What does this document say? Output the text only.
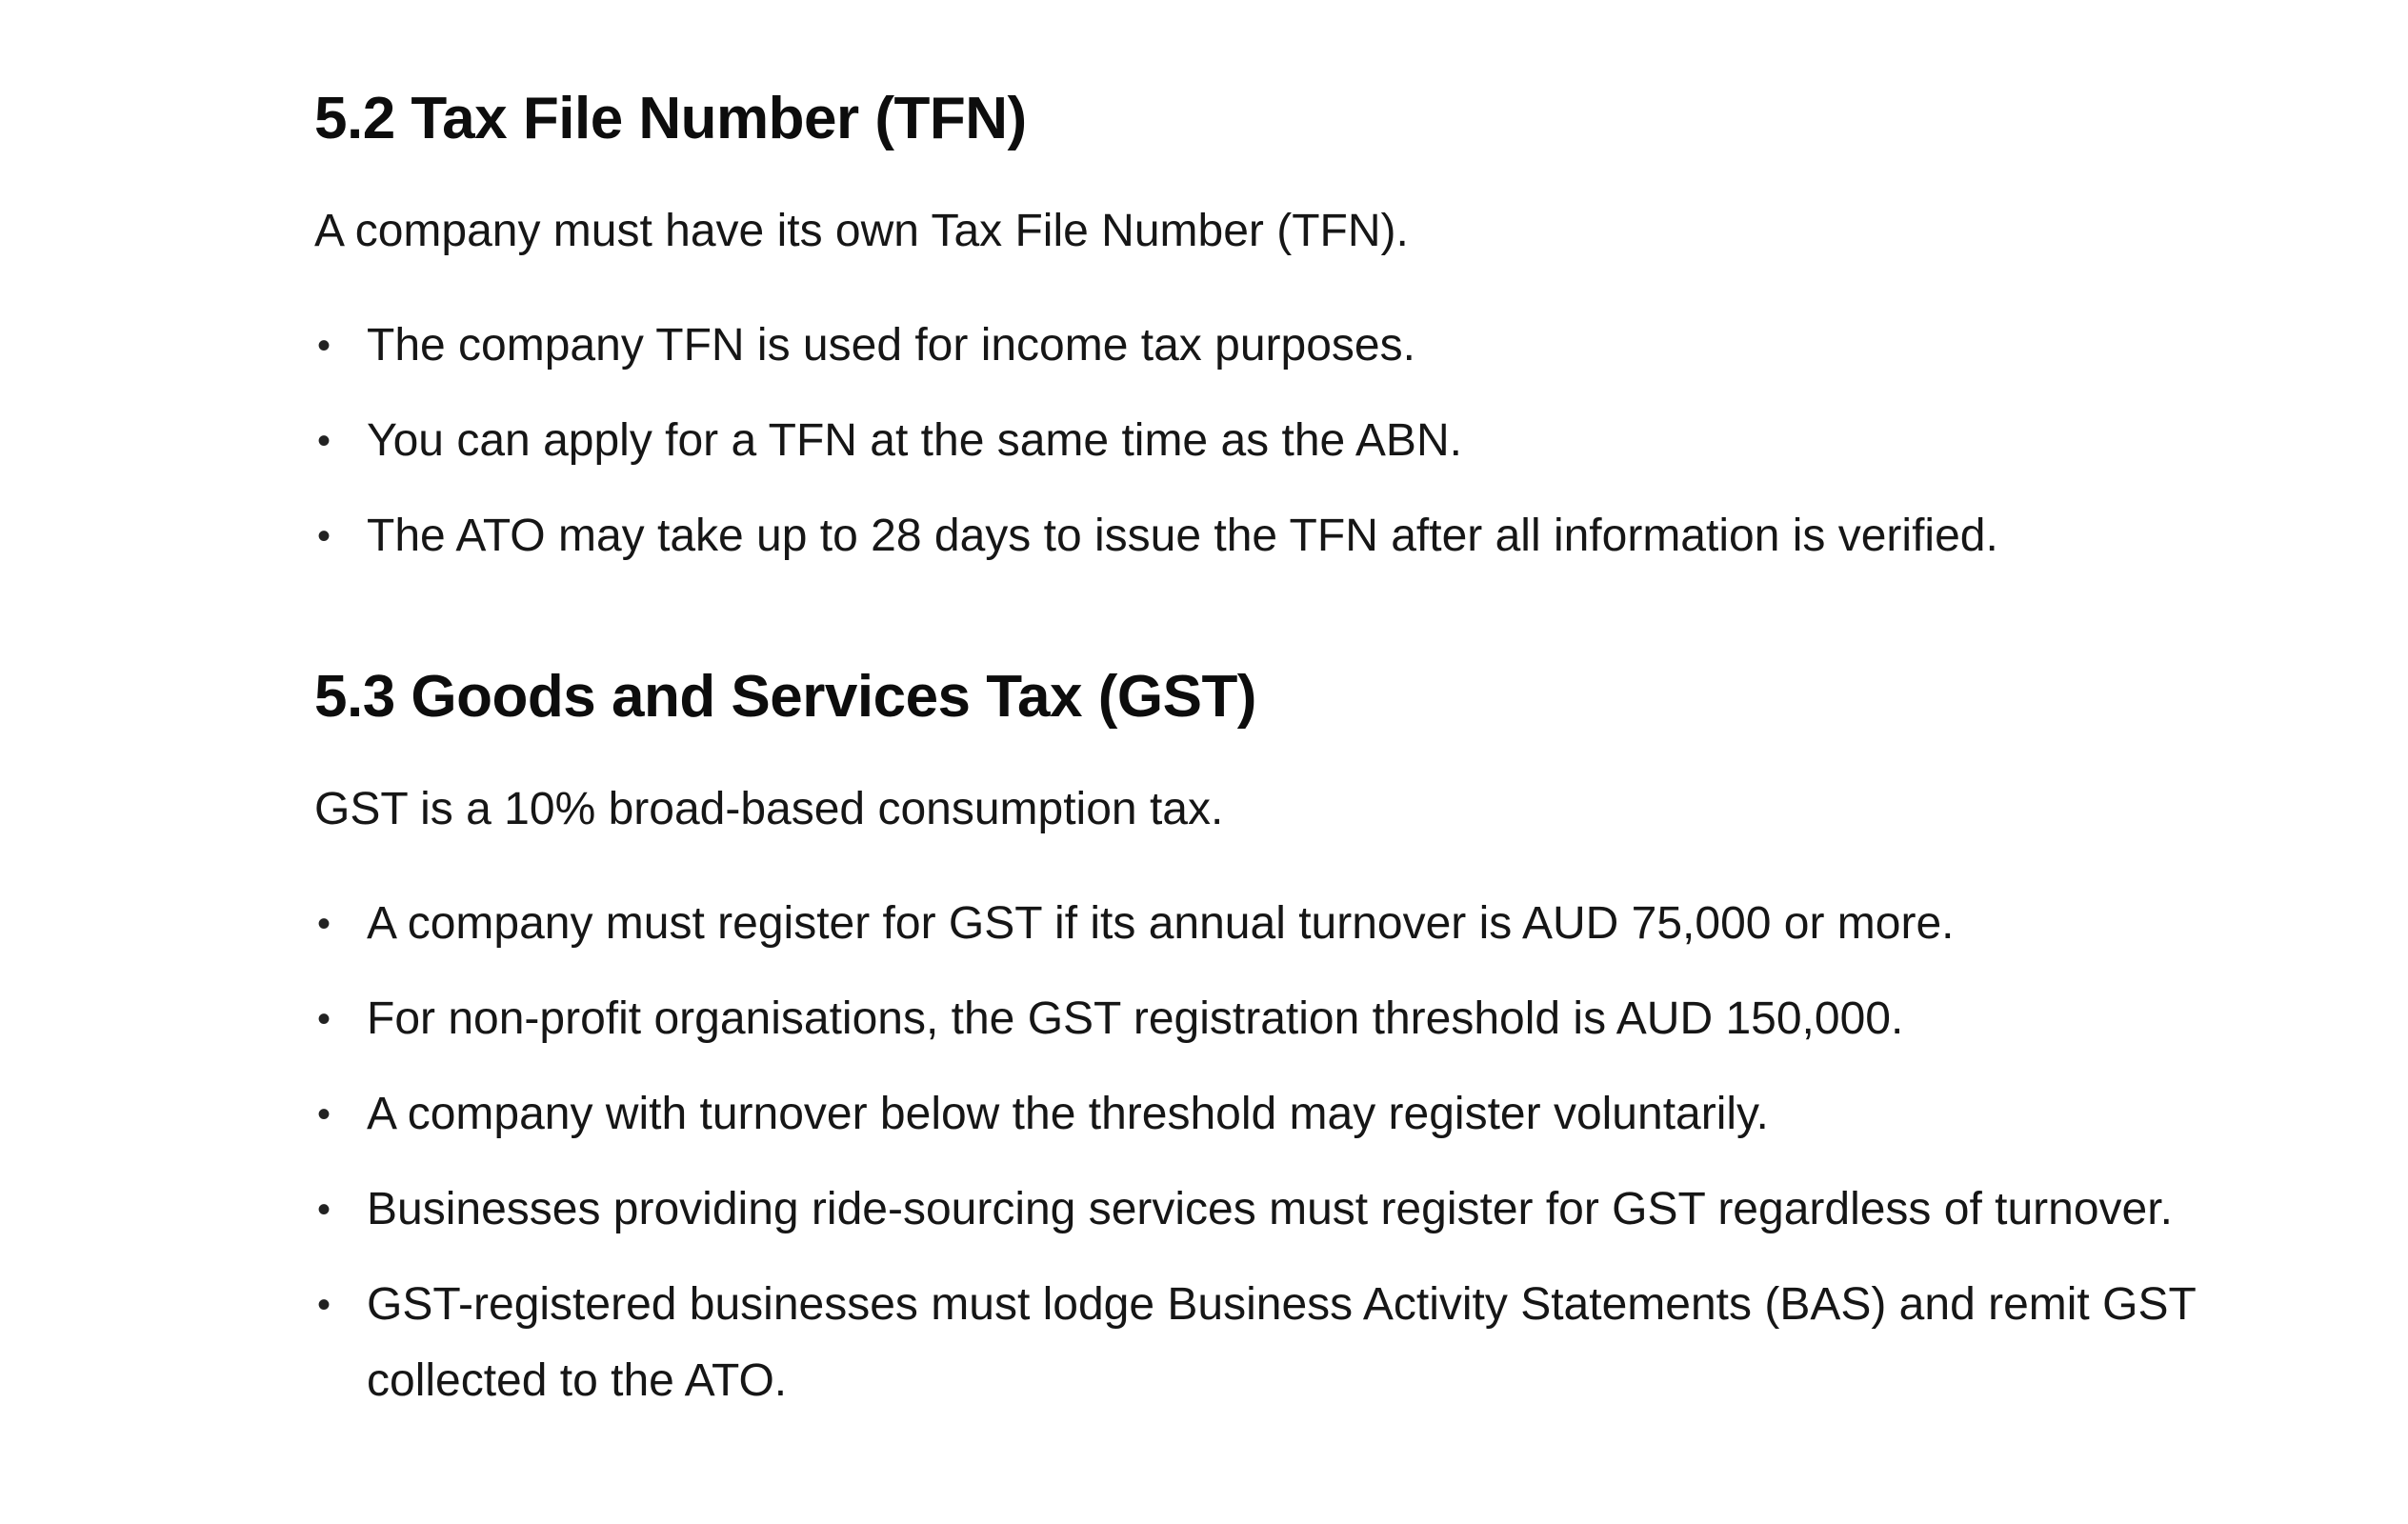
5.2 Tax File Number (TFN)

A company must have its own Tax File Number (TFN).

• The company TFN is used for income tax purposes.
• You can apply for a TFN at the same time as the ABN.
• The ATO may take up to 28 days to issue the TFN after all information is verified.
5.3 Goods and Services Tax (GST)

GST is a 10% broad-based consumption tax.

• A company must register for GST if its annual turnover is AUD 75,000 or more.
• For non-profit organisations, the GST registration threshold is AUD 150,000.
• A company with turnover below the threshold may register voluntarily.
• Businesses providing ride-sourcing services must register for GST regardless of turnover.
• GST-registered businesses must lodge Business Activity Statements (BAS) and remit GST collected to the ATO.
